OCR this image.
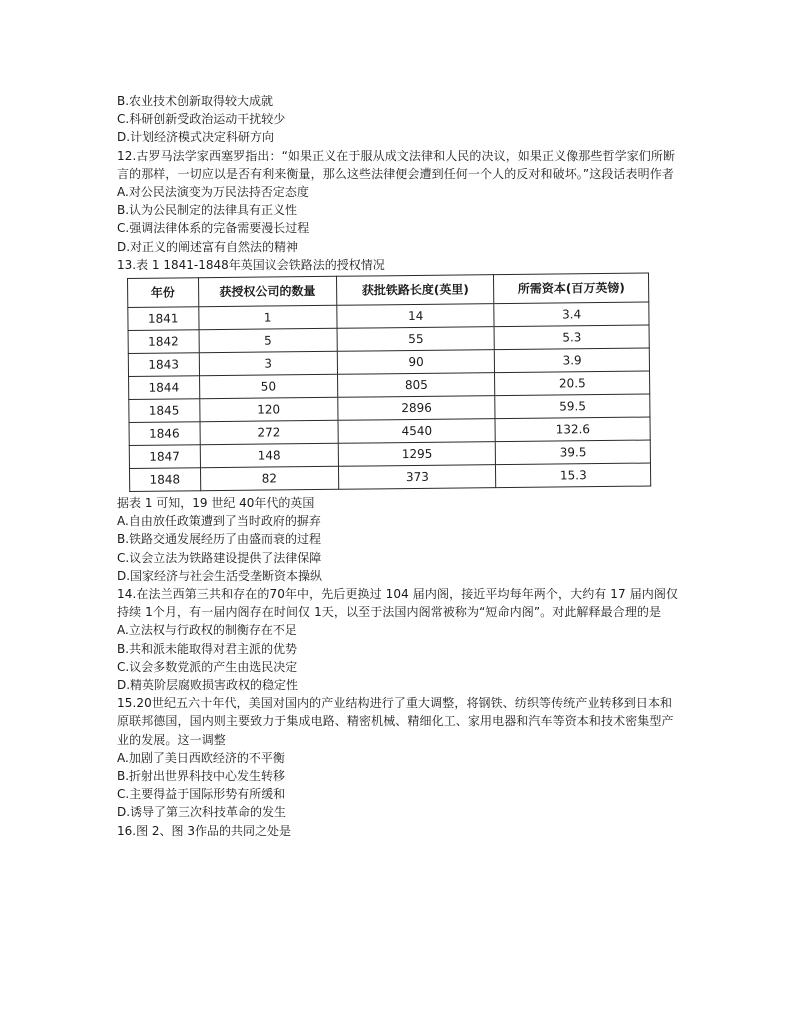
B.农业技术创新取得较大成就

C.科研创新受政治运动干扰较少

D.计划经济模式决定科研方向

12.古罗马法学家西塞罗指出：“如果正义在于服从成文法律和人民的决议，如果正义像那些哲学家们所断言的那样，一切应以是否有利来衡量，那么这些法律便会遭到任何一个人的反对和破坏。”这段话表明作者

A.对公民法演变为万民法持否定态度

B.认为公民制定的法律具有正义性

C.强调法律体系的完备需要漫长过程

D.对正义的阐述富有自然法的精神

13.表 1 1841-1848年英国议会铁路法的授权情况

年份	获授权公司的数量	获批铁路长度(英里)	所需资本(百万英镑)
1841	1	14	3.4
1842	5	55	5.3
1843	3	90	3.9
1844	50	805	20.5
1845	120	2896	59.5
1846	272	4540	132.6
1847	148	1295	39.5
1848	82	373	15.3

据表 1 可知，19 世纪 40年代的英国

A.自由放任政策遭到了当时政府的摒弃

B.铁路交通发展经历了由盛而衰的过程

C.议会立法为铁路建设提供了法律保障

D.国家经济与社会生活受垄断资本操纵

14.在法兰西第三共和存在的70年中，先后更换过 104 届内阁，接近平均每年两个，大约有 17 届内阁仅持续 1个月，有一届内阁存在时间仅 1天，以至于法国内阁常被称为“短命内阁”。对此解释最合理的是

A.立法权与行政权的制衡存在不足

B.共和派未能取得对君主派的优势

C.议会多数党派的产生由选民决定

D.精英阶层腐败损害政权的稳定性

15.20世纪五六十年代，美国对国内的产业结构进行了重大调整，将钢铁、纺织等传统产业转移到日本和原联邦德国，国内则主要致力于集成电路、精密机械、精细化工、家用电器和汽车等资本和技术密集型产业的发展。这一调整

A.加剧了美日西欧经济的不平衡

B.折射出世界科技中心发生转移

C.主要得益于国际形势有所缓和

D.诱导了第三次科技革命的发生

16.图 2、图 3作品的共同之处是
